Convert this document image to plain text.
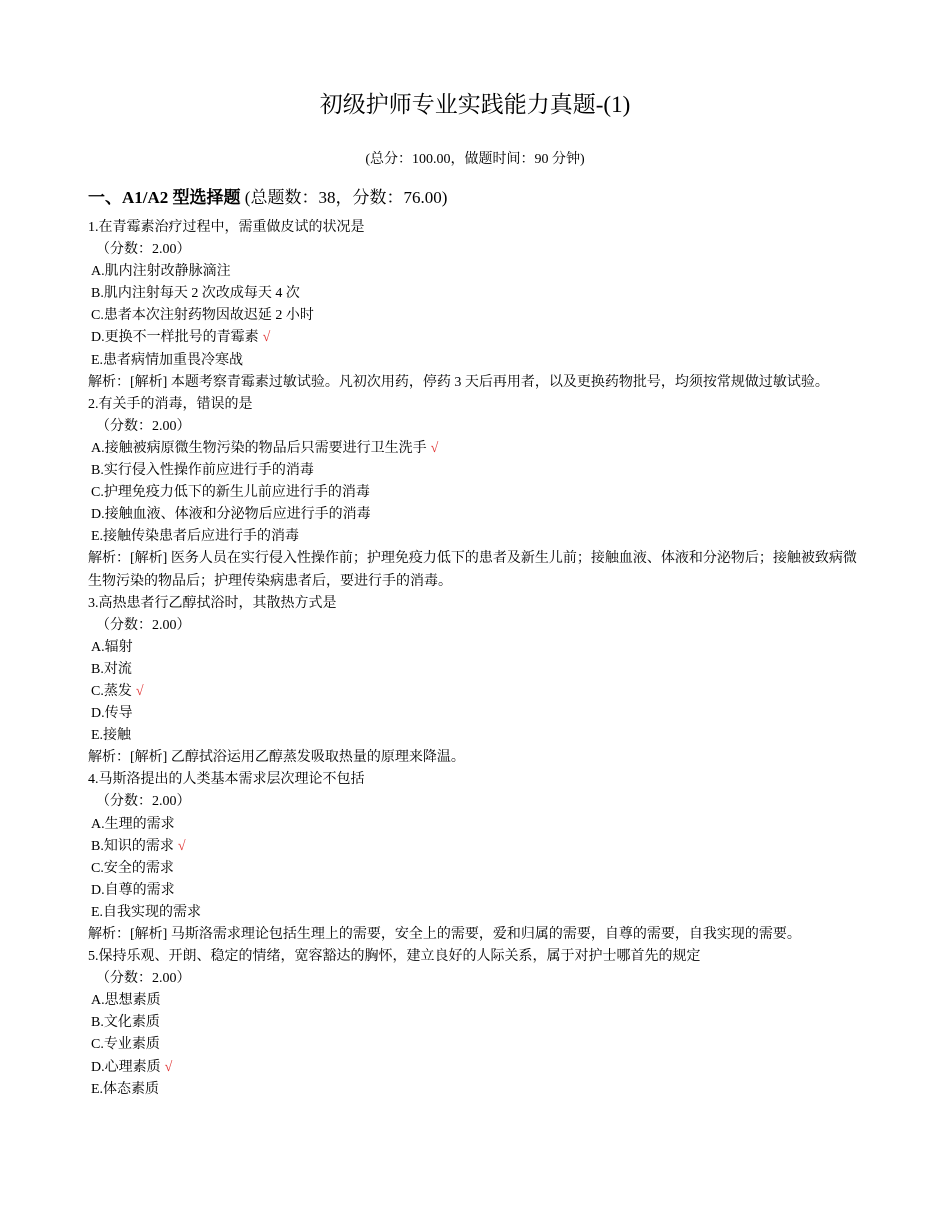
初级护师专业实践能力真题-(1)
(总分：100.00，做题时间：90 分钟)
一、A1/A2 型选择题 (总题数：38，分数：76.00)
1.在青霉素治疗过程中，需重做皮试的状况是
（分数：2.00）
A.肌内注射改静脉滴注
B.肌内注射每天 2 次改成每天 4 次
C.患者本次注射药物因故迟延 2 小时
D.更换不一样批号的青霉素 √
E.患者病情加重畏冷寒战
解析：[解析] 本题考察青霉素过敏试验。凡初次用药，停药 3 天后再用者，以及更换药物批号，均须按常规做过敏试验。
2.有关手的消毒，错误的是
（分数：2.00）
A.接触被病原微生物污染的物品后只需要进行卫生洗手 √
B.实行侵入性操作前应进行手的消毒
C.护理免疫力低下的新生儿前应进行手的消毒
D.接触血液、体液和分泌物后应进行手的消毒
E.接触传染患者后应进行手的消毒
解析：[解析] 医务人员在实行侵入性操作前；护理免疫力低下的患者及新生儿前；接触血液、体液和分泌物后；接触被致病微生物污染的物品后；护理传染病患者后，要进行手的消毒。
3.高热患者行乙醇拭浴时，其散热方式是
（分数：2.00）
A.辐射
B.对流
C.蒸发 √
D.传导
E.接触
解析：[解析] 乙醇拭浴运用乙醇蒸发吸取热量的原理来降温。
4.马斯洛提出的人类基本需求层次理论不包括
（分数：2.00）
A.生理的需求
B.知识的需求 √
C.安全的需求
D.自尊的需求
E.自我实现的需求
解析：[解析] 马斯洛需求理论包括生理上的需要，安全上的需要，爱和归属的需要，自尊的需要，自我实现的需要。
5.保持乐观、开朗、稳定的情绪，宽容豁达的胸怀，建立良好的人际关系，属于对护士哪首先的规定
（分数：2.00）
A.思想素质
B.文化素质
C.专业素质
D.心理素质 √
E.体态素质
